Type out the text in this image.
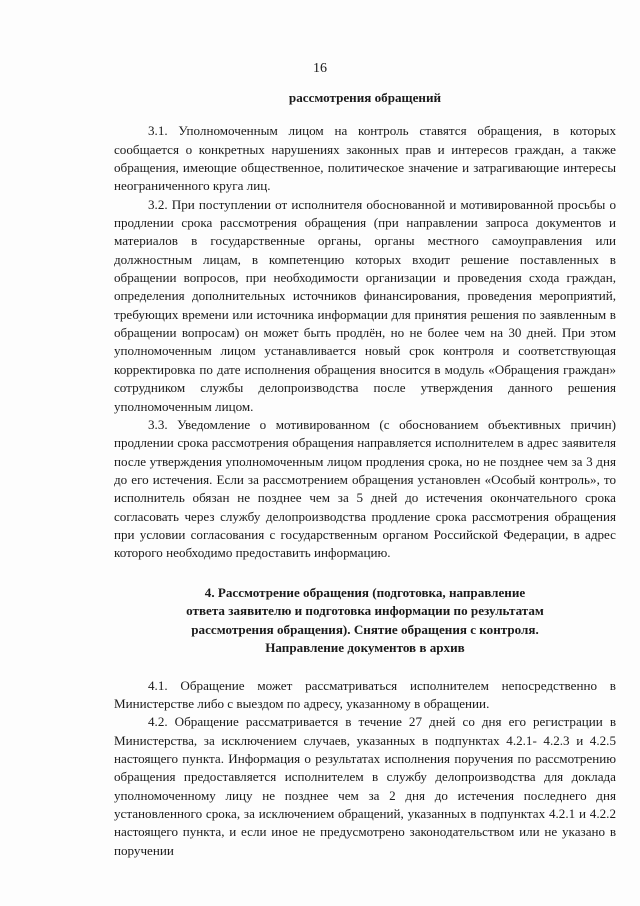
16

рассмотрения обращений

3.1. Уполномоченным лицом на контроль ставятся обращения, в которых сообщается о конкретных нарушениях законных прав и интересов граждан, а также обращения, имеющие общественное, политическое значение и затрагивающие интересы неограниченного круга лиц.

3.2. При поступлении от исполнителя обоснованной и мотивированной просьбы о продлении срока рассмотрения обращения (при направлении запроса документов и материалов в государственные органы, органы местного самоуправления или должностным лицам, в компетенцию которых входит решение поставленных в обращении вопросов, при необходимости организации и проведения схода граждан, определения дополнительных источников финансирования, проведения мероприятий, требующих времени или источника информации для принятия решения по заявленным в обращении вопросам) он может быть продлён, но не более чем на 30 дней. При этом уполномоченным лицом устанавливается новый срок контроля и соответствующая корректировка по дате исполнения обращения вносится в модуль «Обращения граждан» сотрудником службы делопроизводства после утверждения данного решения уполномоченным лицом.

3.3. Уведомление о мотивированном (с обоснованием объективных причин) продлении срока рассмотрения обращения направляется исполнителем в адрес заявителя после утверждения уполномоченным лицом продления срока, но не позднее чем за 3 дня до его истечения. Если за рассмотрением обращения установлен «Особый контроль», то исполнитель обязан не позднее чем за 5 дней до истечения окончательного срока согласовать через службу делопроизводства продление срока рассмотрения обращения при условии согласования с государственным органом Российской Федерации, в адрес которого необходимо предоставить информацию.

4. Рассмотрение обращения (подготовка, направление

ответа заявителю и подготовка информации по результатам

рассмотрения обращения). Снятие обращения с контроля.

Направление документов в архив

4.1. Обращение может рассматриваться исполнителем непосредственно в Министерстве либо с выездом по адресу, указанному в обращении.

4.2. Обращение рассматривается в течение 27 дней со дня его регистрации в Министерства, за исключением случаев, указанных в подпунктах 4.2.1- 4.2.3 и 4.2.5 настоящего пункта. Информация о результатах исполнения поручения по рассмотрению обращения предоставляется исполнителем в службу делопроизводства для доклада уполномоченному лицу не позднее чем за 2 дня до истечения последнего дня установленного срока, за исключением обращений, указанных в подпунктах 4.2.1 и 4.2.2 настоящего пункта, и если иное не предусмотрено законодательством или не указано в поручении
